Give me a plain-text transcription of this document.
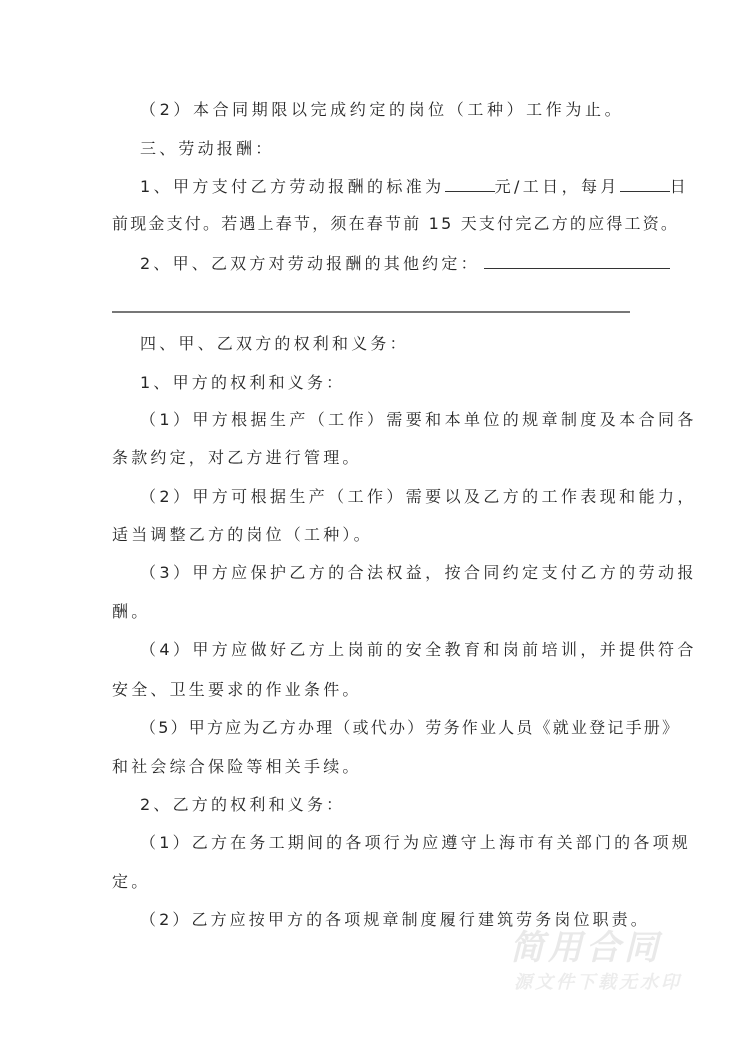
（2）本合同期限以完成约定的岗位（工种）工作为止。
三、劳动报酬：
1、甲方支付乙方劳动报酬的标准为	元/工日，每月	日
前现金支付。若遇上春节，须在春节前 15 天支付完乙方的应得工资。
2、甲、乙双方对劳动报酬的其他约定：
四、甲、乙双方的权利和义务：
1、甲方的权利和义务：
（1）甲方根据生产（工作）需要和本单位的规章制度及本合同各
条款约定，对乙方进行管理。
（2）甲方可根据生产（工作）需要以及乙方的工作表现和能力，
适当调整乙方的岗位（工种）。
（3）甲方应保护乙方的合法权益，按合同约定支付乙方的劳动报
酬。
（4）甲方应做好乙方上岗前的安全教育和岗前培训，并提供符合
安全、卫生要求的作业条件。
（5）甲方应为乙方办理（或代办）劳务作业人员《就业登记手册》
和社会综合保险等相关手续。
2、乙方的权利和义务：
（1）乙方在务工期间的各项行为应遵守上海市有关部门的各项规
定。
（2）乙方应按甲方的各项规章制度履行建筑劳务岗位职责。
简用合同
源文件下载无水印
